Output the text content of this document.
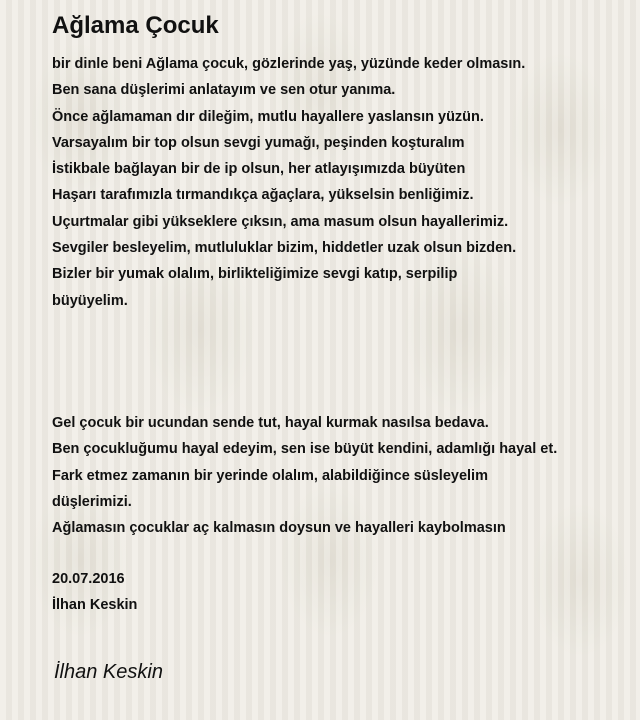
Ağlama Çocuk
bir dinle beni Ağlama çocuk, gözlerinde yaş, yüzünde keder olmasın.
Ben sana düşlerimi anlatayım ve sen otur yanıma.
Önce ağlamaman dır dileğim, mutlu hayallere yaslansın yüzün.
Varsayalım bir top olsun sevgi yumağı, peşinden koşturalım
İstikbale bağlayan bir de ip olsun, her atlayışımızda büyüten
Haşarı tarafımızla tırmandıkça ağaçlara, yükselsin benliğimiz.
Uçurtmalar gibi yükseklere çıksın, ama masum olsun hayallerimiz.
Sevgiler besleyelim, mutluluklar bizim, hiddetler uzak olsun bizden.
Bizler bir yumak olalım, birlikteliğimize sevgi katıp, serpilip
büyüyelim.
Gel çocuk bir ucundan sende tut, hayal kurmak nasılsa bedava.
Ben çocukluğumu hayal edeyim, sen ise büyüt kendini, adamlığı hayal et.
Fark etmez zamanın bir yerinde olalım, alabildiğince süsleyelim
düşlerimizi.
Ağlamasın çocuklar aç kalmasın doysun ve hayalleri kaybolmasın
20.07.2016
İlhan Keskin
İlhan Keskin
